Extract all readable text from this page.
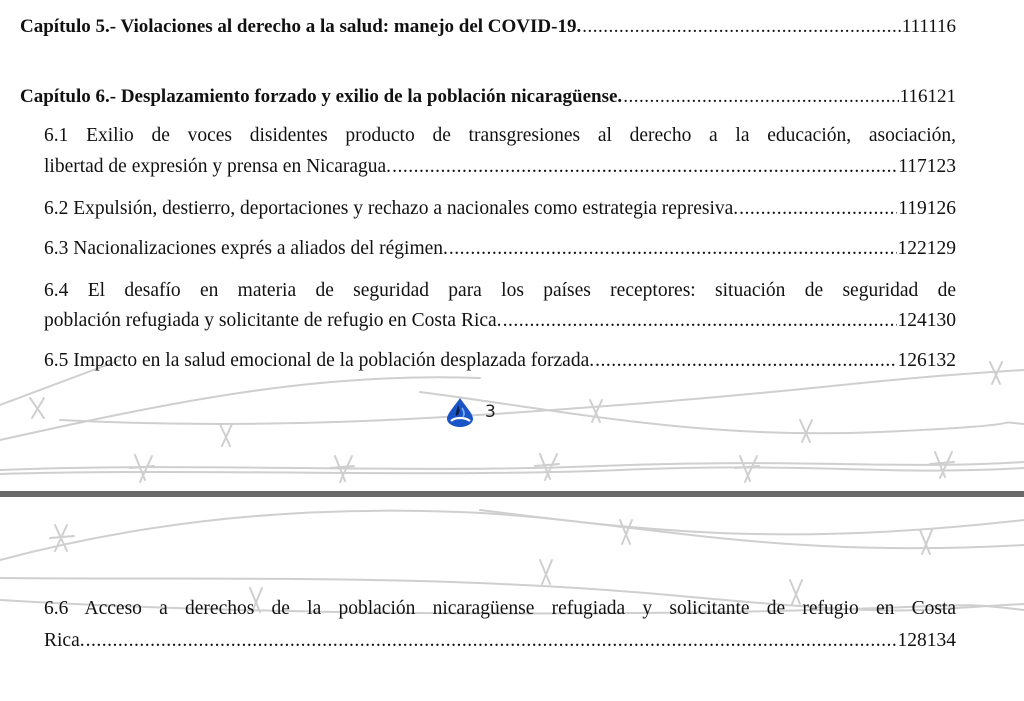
Capítulo 5.- Violaciones al derecho a la salud: manejo del COVID-19. .....	111116
Capítulo 6.- Desplazamiento forzado y exilio de la población nicaragüense. .....	116121
6.1 Exilio de voces disidentes producto de transgresiones al derecho a la educación, asociación,
libertad de expresión y prensa en Nicaragua. .....	117123
6.2 Expulsión, destierro, deportaciones y rechazo a nacionales como estrategia represiva. .....	119126
6.3 Nacionalizaciones exprés a aliados del régimen. .....	122129
6.4 El desafío en materia de seguridad para los países receptores: situación de seguridad de
población refugiada y solicitante de refugio en Costa Rica. .....	124130
6.5 Impacto en la salud emocional de la población desplazada forzada. .....	126132
3
6.6 Acceso a derechos de la población nicaragüense refugiada y solicitante de refugio en Costa
Rica. .....	128134
